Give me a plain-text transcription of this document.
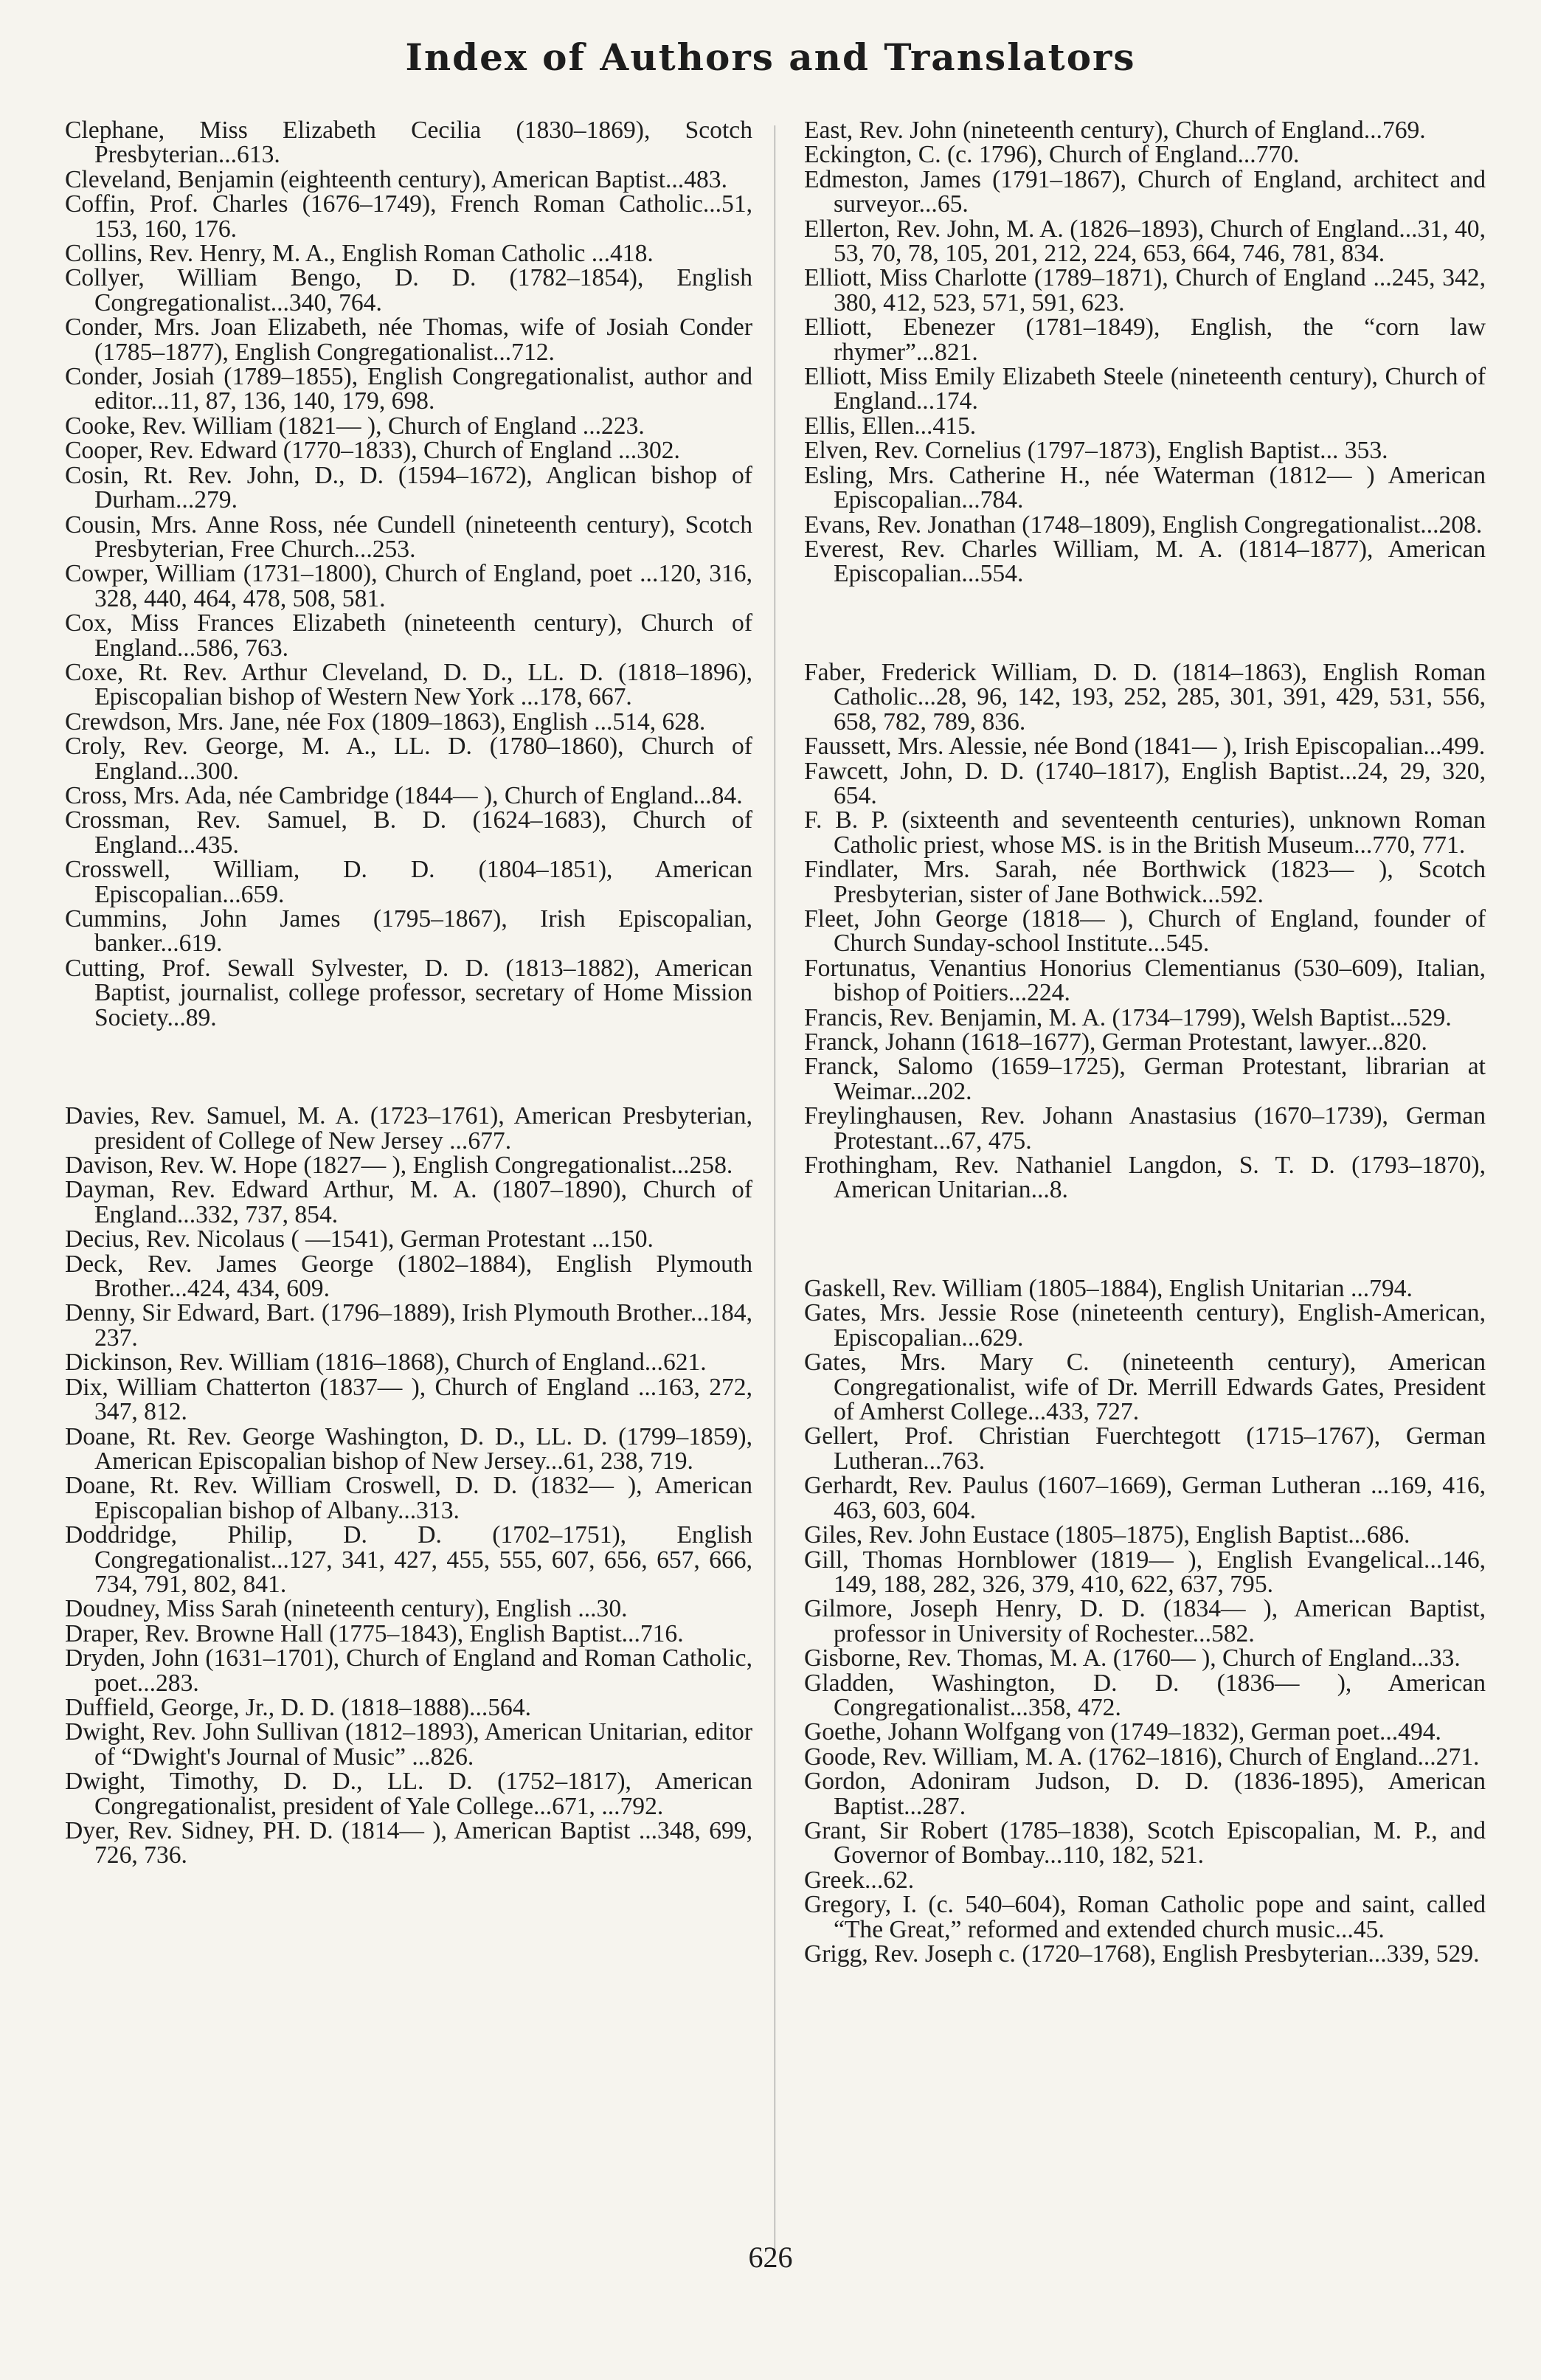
Index of Authors and Translators

Clephane, Miss Elizabeth Cecilia (1830–1869), Scotch Presbyterian...613.

Cleveland, Benjamin (eighteenth century), American Baptist...483.

Coffin, Prof. Charles (1676–1749), French Roman Catholic...51, 153, 160, 176.

Collins, Rev. Henry, M. A., English Roman Catholic ...418.

Collyer, William Bengo, D. D. (1782–1854), English Congregationalist...340, 764.

Conder, Mrs. Joan Elizabeth, née Thomas, wife of Josiah Conder (1785–1877), English Congregationalist...712.

Conder, Josiah (1789–1855), English Congregationalist, author and editor...11, 87, 136, 140, 179, 698.

Cooke, Rev. William (1821— ), Church of England ...223.

Cooper, Rev. Edward (1770–1833), Church of England ...302.

Cosin, Rt. Rev. John, D., D. (1594–1672), Anglican bishop of Durham...279.

Cousin, Mrs. Anne Ross, née Cundell (nineteenth century), Scotch Presbyterian, Free Church...253.

Cowper, William (1731–1800), Church of England, poet ...120, 316, 328, 440, 464, 478, 508, 581.

Cox, Miss Frances Elizabeth (nineteenth century), Church of England...586, 763.

Coxe, Rt. Rev. Arthur Cleveland, D. D., LL. D. (1818–1896), Episcopalian bishop of Western New York ...178, 667.

Crewdson, Mrs. Jane, née Fox (1809–1863), English ...514, 628.

Croly, Rev. George, M. A., LL. D. (1780–1860), Church of England...300.

Cross, Mrs. Ada, née Cambridge (1844— ), Church of England...84.

Crossman, Rev. Samuel, B. D. (1624–1683), Church of England...435.

Crosswell, William, D. D. (1804–1851), American Episcopalian...659.

Cummins, John James (1795–1867), Irish Episcopalian, banker...619.

Cutting, Prof. Sewall Sylvester, D. D. (1813–1882), American Baptist, journalist, college professor, secretary of Home Mission Society...89.

Davies, Rev. Samuel, M. A. (1723–1761), American Presbyterian, president of College of New Jersey ...677.

Davison, Rev. W. Hope (1827— ), English Congregationalist...258.

Dayman, Rev. Edward Arthur, M. A. (1807–1890), Church of England...332, 737, 854.

Decius, Rev. Nicolaus ( —1541), German Protestant ...150.

Deck, Rev. James George (1802–1884), English Plymouth Brother...424, 434, 609.

Denny, Sir Edward, Bart. (1796–1889), Irish Plymouth Brother...184, 237.

Dickinson, Rev. William (1816–1868), Church of England...621.

Dix, William Chatterton (1837— ), Church of England ...163, 272, 347, 812.

Doane, Rt. Rev. George Washington, D. D., LL. D. (1799–1859), American Episcopalian bishop of New Jersey...61, 238, 719.

Doane, Rt. Rev. William Croswell, D. D. (1832— ), American Episcopalian bishop of Albany...313.

Doddridge, Philip, D. D. (1702–1751), English Congregationalist...127, 341, 427, 455, 555, 607, 656, 657, 666, 734, 791, 802, 841.

Doudney, Miss Sarah (nineteenth century), English ...30.

Draper, Rev. Browne Hall (1775–1843), English Baptist...716.

Dryden, John (1631–1701), Church of England and Roman Catholic, poet...283.

Duffield, George, Jr., D. D. (1818–1888)...564.

Dwight, Rev. John Sullivan (1812–1893), American Unitarian, editor of “Dwight's Journal of Music” ...826.

Dwight, Timothy, D. D., LL. D. (1752–1817), American Congregationalist, president of Yale College...671, ...792.

Dyer, Rev. Sidney, PH. D. (1814— ), American Baptist ...348, 699, 726, 736.

East, Rev. John (nineteenth century), Church of England...769.

Eckington, C. (c. 1796), Church of England...770.

Edmeston, James (1791–1867), Church of England, architect and surveyor...65.

Ellerton, Rev. John, M. A. (1826–1893), Church of England...31, 40, 53, 70, 78, 105, 201, 212, 224, 653, 664, 746, 781, 834.

Elliott, Miss Charlotte (1789–1871), Church of England ...245, 342, 380, 412, 523, 571, 591, 623.

Elliott, Ebenezer (1781–1849), English, the “corn law rhymer”...821.

Elliott, Miss Emily Elizabeth Steele (nineteenth century), Church of England...174.

Ellis, Ellen...415.

Elven, Rev. Cornelius (1797–1873), English Baptist... 353.

Esling, Mrs. Catherine H., née Waterman (1812— ) American Episcopalian...784.

Evans, Rev. Jonathan (1748–1809), English Congregationalist...208.

Everest, Rev. Charles William, M. A. (1814–1877), American Episcopalian...554.

Faber, Frederick William, D. D. (1814–1863), English Roman Catholic...28, 96, 142, 193, 252, 285, 301, 391, 429, 531, 556, 658, 782, 789, 836.

Faussett, Mrs. Alessie, née Bond (1841— ), Irish Episcopalian...499.

Fawcett, John, D. D. (1740–1817), English Baptist...24, 29, 320, 654.

F. B. P. (sixteenth and seventeenth centuries), unknown Roman Catholic priest, whose MS. is in the British Museum...770, 771.

Findlater, Mrs. Sarah, née Borthwick (1823— ), Scotch Presbyterian, sister of Jane Bothwick...592.

Fleet, John George (1818— ), Church of England, founder of Church Sunday-school Institute...545.

Fortunatus, Venantius Honorius Clementianus (530–609), Italian, bishop of Poitiers...224.

Francis, Rev. Benjamin, M. A. (1734–1799), Welsh Baptist...529.

Franck, Johann (1618–1677), German Protestant, lawyer...820.

Franck, Salomo (1659–1725), German Protestant, librarian at Weimar...202.

Freylinghausen, Rev. Johann Anastasius (1670–1739), German Protestant...67, 475.

Frothingham, Rev. Nathaniel Langdon, S. T. D. (1793–1870), American Unitarian...8.

Gaskell, Rev. William (1805–1884), English Unitarian ...794.

Gates, Mrs. Jessie Rose (nineteenth century), English-American, Episcopalian...629.

Gates, Mrs. Mary C. (nineteenth century), American Congregationalist, wife of Dr. Merrill Edwards Gates, President of Amherst College...433, 727.

Gellert, Prof. Christian Fuerchtegott (1715–1767), German Lutheran...763.

Gerhardt, Rev. Paulus (1607–1669), German Lutheran ...169, 416, 463, 603, 604.

Giles, Rev. John Eustace (1805–1875), English Baptist...686.

Gill, Thomas Hornblower (1819— ), English Evangelical...146, 149, 188, 282, 326, 379, 410, 622, 637, 795.

Gilmore, Joseph Henry, D. D. (1834— ), American Baptist, professor in University of Rochester...582.

Gisborne, Rev. Thomas, M. A. (1760— ), Church of England...33.

Gladden, Washington, D. D. (1836— ), American Congregationalist...358, 472.

Goethe, Johann Wolfgang von (1749–1832), German poet...494.

Goode, Rev. William, M. A. (1762–1816), Church of England...271.

Gordon, Adoniram Judson, D. D. (1836-1895), American Baptist...287.

Grant, Sir Robert (1785–1838), Scotch Episcopalian, M. P., and Governor of Bombay...110, 182, 521.

Greek...62.

Gregory, I. (c. 540–604), Roman Catholic pope and saint, called “The Great,” reformed and extended church music...45.

Grigg, Rev. Joseph c. (1720–1768), English Presbyterian...339, 529.

626
